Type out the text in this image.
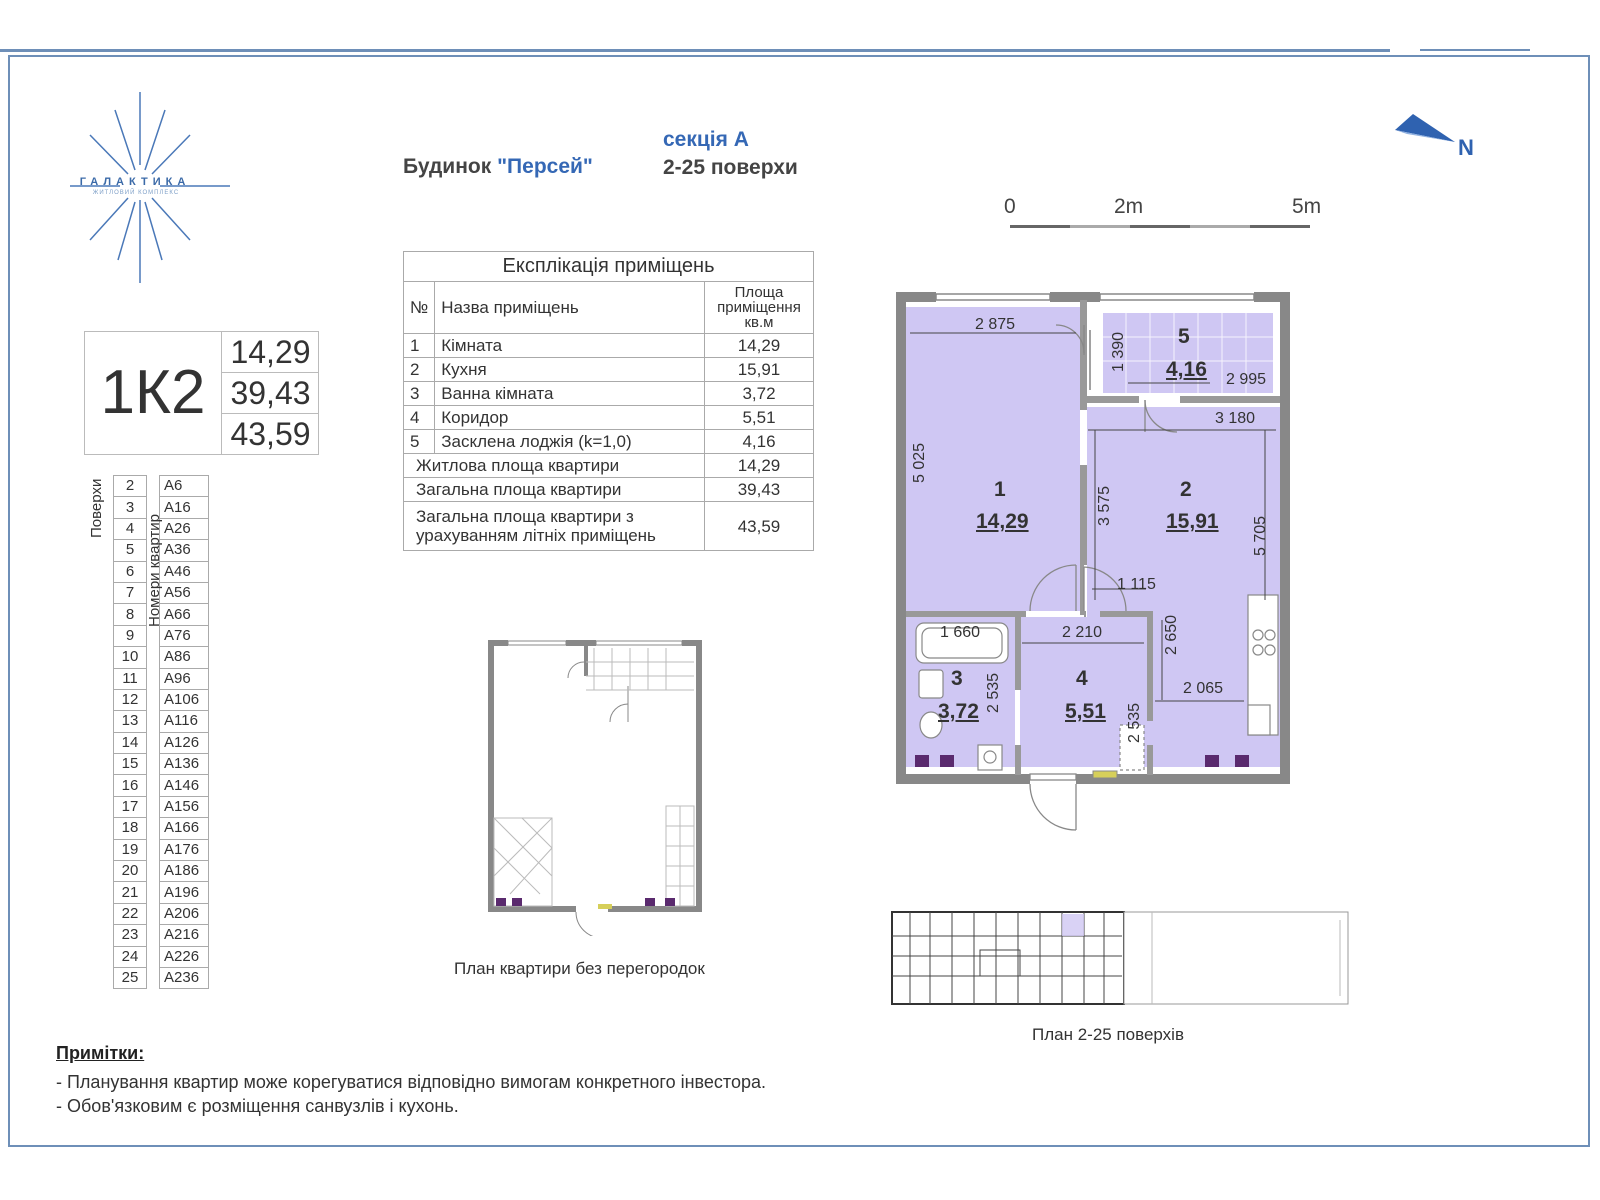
ГАЛАКТИКА
ЖИТЛОВИЙ КОМПЛЕКС
Будинок "Персей"
секція А
2-25 поверхи
N
0	2m	5m
1К2
14,29
39,43
43,59
2		А6
3		А16
4		А26
5		А36
6		А46
7		А56
8		А66
9		А76
10		А86
11		А96
12		А106
13		А116
14		А126
15		А136
16		А146
17		А156
18		А166
19		А176
20		А186
21		А196
22		А206
23		А216
24		А226
25		А236
Поверхи
Номери квартир
Експлікація приміщень		
№	Назва приміщень	Площа приміщення кв.м
1	Кімната	14,29
2	Кухня	15,91
3	Ванна кімната	3,72
4	Коридор	5,51
5	Засклена лоджія (k=1,0)	4,16
Житлова площа квартири		14,29
Загальна площа квартири		39,43
Загальна площа квартири з урахуванням літніх приміщень		43,59
1
14,29
2
15,91
3
3,72
4
5,51
5
4,16
2 875
2 995
3 180
1 115
1 660	2 210
2 065
1 390
5 025
3 575
5 705
2 650
2 535
2 535
План квартири без перегородок
План 2-25 поверхів
Примітки:
- Планування квартир може корегуватися відповідно вимогам конкретного інвестора.
- Обов'язковим є розміщення санвузлів і кухонь.
